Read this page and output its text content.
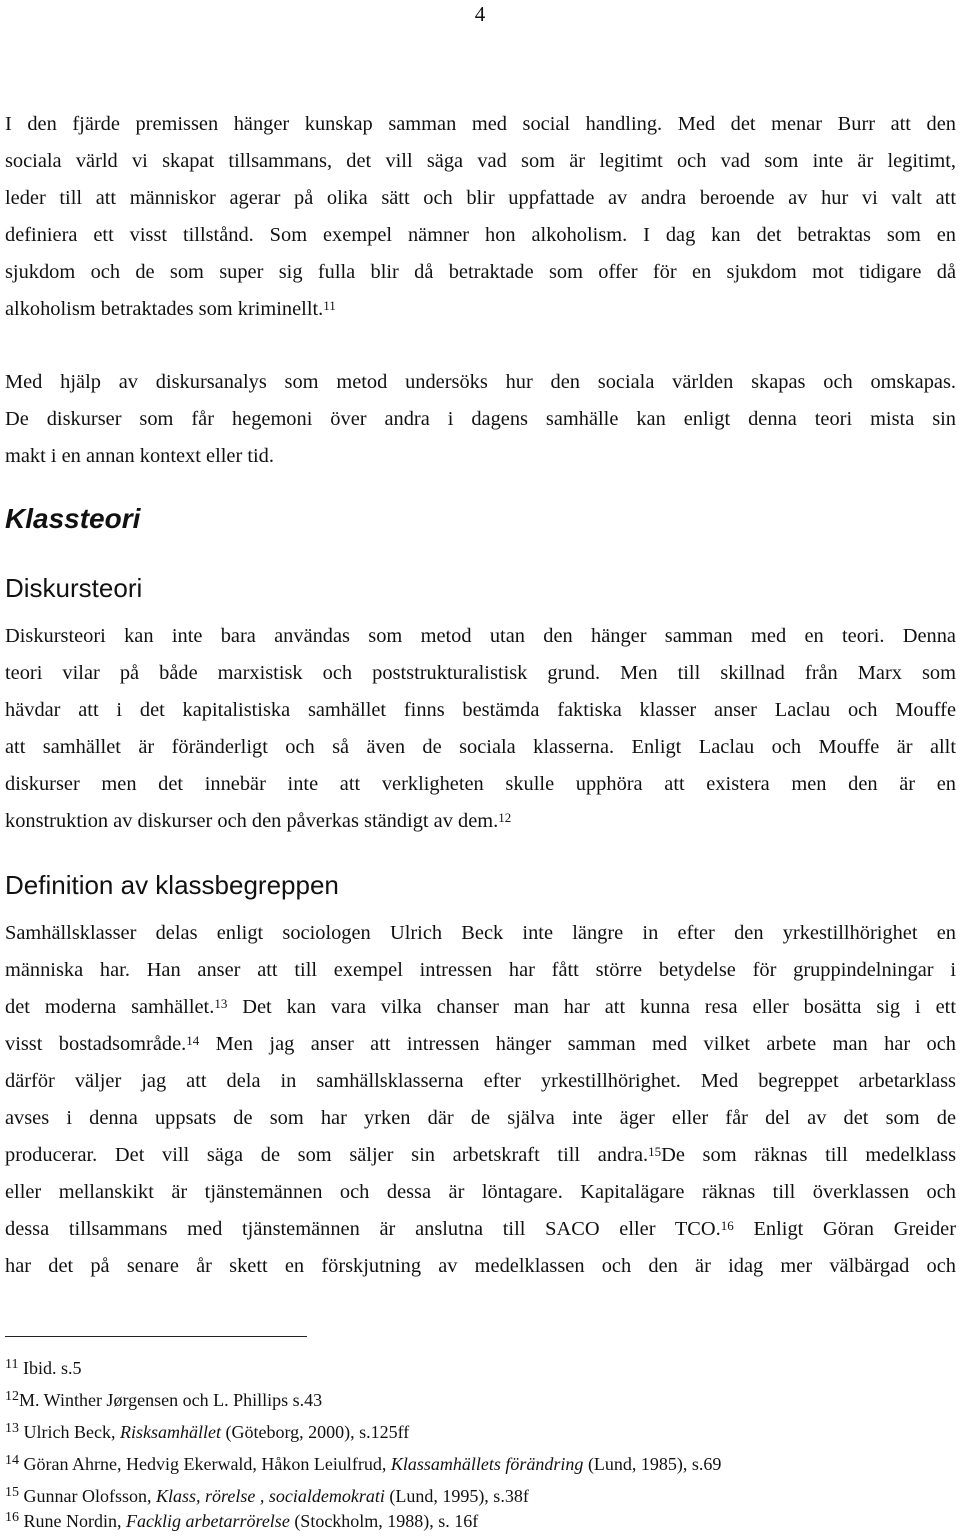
4
I den fjärde premissen hänger kunskap samman med social handling. Med det menar Burr att den
sociala värld vi skapat tillsammans, det vill säga vad som är legitimt och vad som inte är legitimt,
leder till att människor agerar på olika sätt och blir uppfattade av andra beroende av hur vi valt att
definiera ett visst tillstånd. Som exempel nämner hon alkoholism. I dag kan det betraktas som en
sjukdom och de som super sig fulla blir då betraktade som offer för en sjukdom mot tidigare då
alkoholism betraktades som kriminellt.$^{11}$
Med hjälp av diskursanalys som metod undersöks hur den sociala världen skapas och omskapas.
De diskurser som får hegemoni över andra i dagens samhälle kan enligt denna teori mista sin
makt i en annan kontext eller tid.
Klassteori
Diskursteori
Diskursteori kan inte bara användas som metod utan den hänger samman med en teori. Denna
teori vilar på både marxistisk och poststrukturalistisk grund. Men till skillnad från Marx som
hävdar att i det kapitalistiska samhället finns bestämda faktiska klasser anser Laclau och Mouffe
att samhället är föränderligt och så även de sociala klasserna. Enligt Laclau och Mouffe är allt
diskurser men det innebär inte att verkligheten skulle upphöra att existera men den är en
konstruktion av diskurser och den påverkas ständigt av dem.$^{12}$
Definition av klassbegreppen
Samhällsklasser delas enligt sociologen Ulrich Beck inte längre in efter den yrkestillhörighet en
människa har. Han anser att till exempel intressen har fått större betydelse för gruppindelningar i
det moderna samhället.$^{13}$ Det kan vara vilka chanser man har att kunna resa eller bosätta sig i ett
visst bostadsområde.$^{14}$ Men jag anser att intressen hänger samman med vilket arbete man har och
därför väljer jag att dela in samhällsklasserna efter yrkestillhörighet. Med begreppet arbetarklass
avses i denna uppsats de som har yrken där de själva inte äger eller får del av det som de
producerar. Det vill säga de som säljer sin arbetskraft till andra.$^{15}$De som räknas till medelklass
eller mellanskikt är tjänstemännen och dessa är löntagare. Kapitalägare räknas till överklassen och
dessa tillsammans med tjänstemännen är anslutna till SACO eller TCO.$^{16}$ Enligt Göran Greider
har det på senare år skett en förskjutning av medelklassen och den är idag mer välbärgad och
$^{11}$ Ibid. s.5
$^{12}$M. Winther Jørgensen och L. Phillips s.43
$^{13}$ Ulrich Beck, Risksamhället (Göteborg, 2000), s.125ff
$^{14}$ Göran Ahrne, Hedvig Ekerwald, Håkon Leiulfrud, Klassamhällets förändring (Lund, 1985), s.69
$^{15}$ Gunnar Olofsson, Klass, rörelse , socialdemokrati (Lund, 1995), s.38f
$^{16}$ Rune Nordin, Facklig arbetarrörelse (Stockholm, 1988), s. 16f
